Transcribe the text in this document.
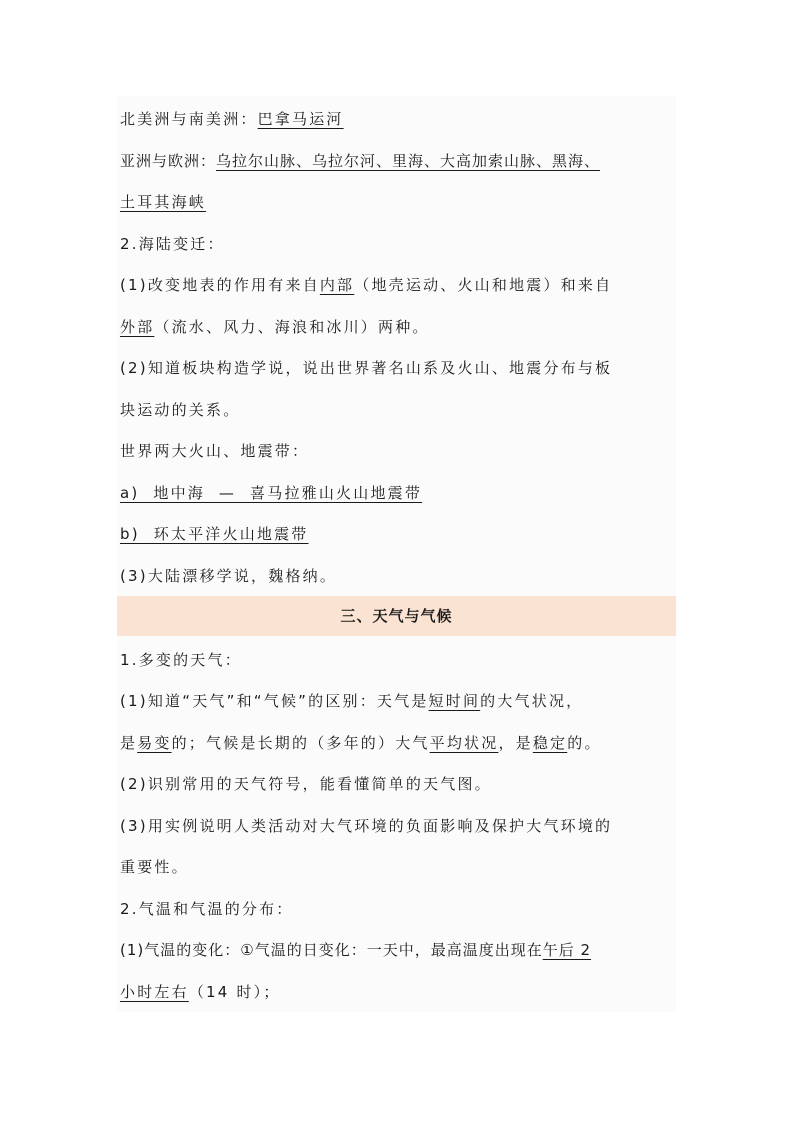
北美洲与南美洲：巴拿马运河
亚洲与欧洲：乌拉尔山脉、乌拉尔河、里海、大高加索山脉、黑海、
土耳其海峡
2.海陆变迁：
(1)改变地表的作用有来自内部（地壳运动、火山和地震）和来自
外部（流水、风力、海浪和冰川）两种。
(2)知道板块构造学说，说出世界著名山系及火山、地震分布与板
块运动的关系。
世界两大火山、地震带：
a)  地中海  —  喜马拉雅山火山地震带
b)  环太平洋火山地震带
(3)大陆漂移学说，魏格纳。
三、天气与气候
1.多变的天气：
(1)知道“天气”和“气候”的区别：天气是短时间的大气状况，
是易变的；气候是长期的（多年的）大气平均状况，是稳定的。
(2)识别常用的天气符号，能看懂简单的天气图。
(3)用实例说明人类活动对大气环境的负面影响及保护大气环境的
重要性。
2.气温和气温的分布：
(1)气温的变化：①气温的日变化：一天中，最高温度出现在午后 2
小时左右（14 时）；
